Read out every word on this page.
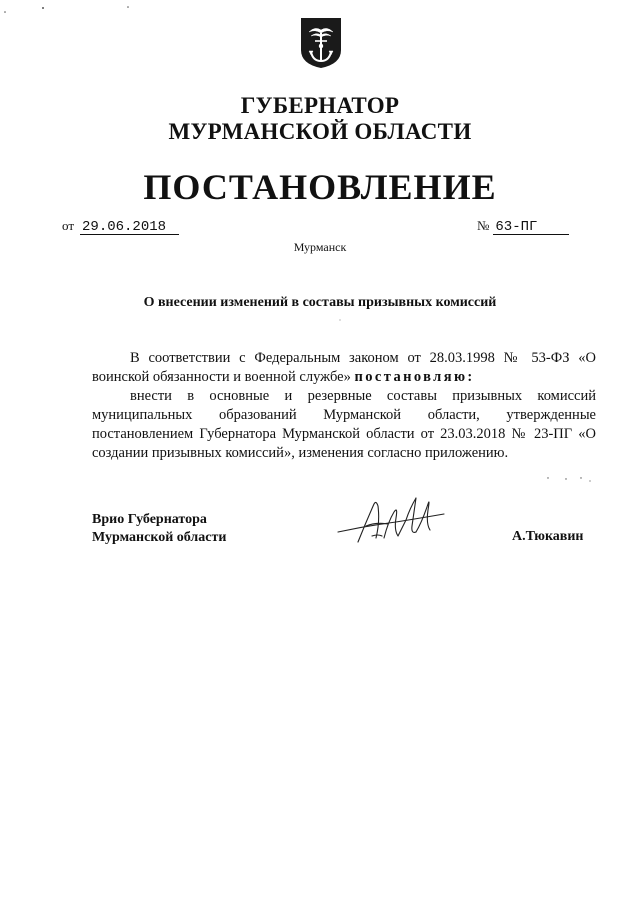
ГУБЕРНАТОР
МУРМАНСКОЙ ОБЛАСТИ
ПОСТАНОВЛЕНИЕ
от 29.06.2018	№ 63-ПГ
Мурманск
О внесении изменений в составы призывных комиссий
В соответствии с Федеральным законом от 28.03.1998 № 53-ФЗ «О воинской обязанности и военной службе» постановляю:
внести в основные и резервные составы призывных комиссий муниципальных образований Мурманской области, утвержденные постановлением Губернатора Мурманской области от 23.03.2018 № 23-ПГ «О создании призывных комиссий», изменения согласно приложению.
Врио Губернатора
Мурманской области	А.Тюкавин
